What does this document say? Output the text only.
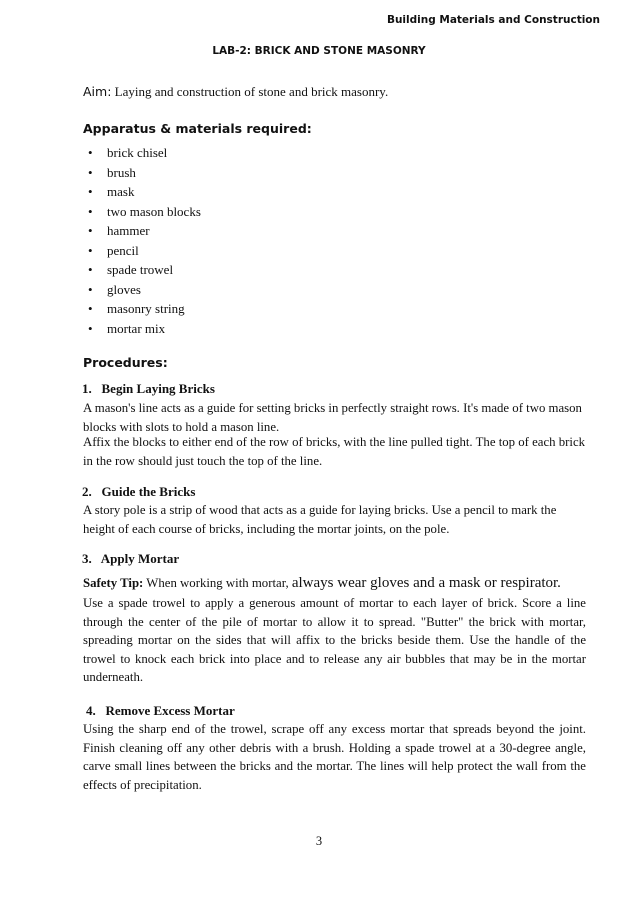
Building Materials and Construction
LAB-2: BRICK AND STONE MASONRY
Aim: Laying and construction of stone and brick masonry.
Apparatus & materials required:
• brick chisel
• brush
• mask
• two mason blocks
• hammer
• pencil
• spade trowel
• gloves
• masonry string
• mortar mix
Procedures:
1.   Begin Laying Bricks
A mason's line acts as a guide for setting bricks in perfectly straight rows. It's made of two mason blocks with slots to hold a mason line.
Affix the blocks to either end of the row of bricks, with the line pulled tight. The top of each brick in the row should just touch the top of the line.
2.   Guide the Bricks
A story pole is a strip of wood that acts as a guide for laying bricks. Use a pencil to mark the height of each course of bricks, including the mortar joints, on the pole.
3.   Apply Mortar
Safety Tip: When working with mortar, always wear gloves and a mask or respirator.
Use a spade trowel to apply a generous amount of mortar to each layer of brick. Score a line through the center of the pile of mortar to allow it to spread. "Butter" the brick with mortar, spreading mortar on the sides that will affix to the bricks beside them. Use the handle of the trowel to knock each brick into place and to release any air bubbles that may be in the mortar underneath.
4.   Remove Excess Mortar
Using the sharp end of the trowel, scrape off any excess mortar that spreads beyond the joint. Finish cleaning off any other debris with a brush. Holding a spade trowel at a 30-degree angle, carve small lines between the bricks and the mortar. The lines will help protect the wall from the effects of precipitation.
3
